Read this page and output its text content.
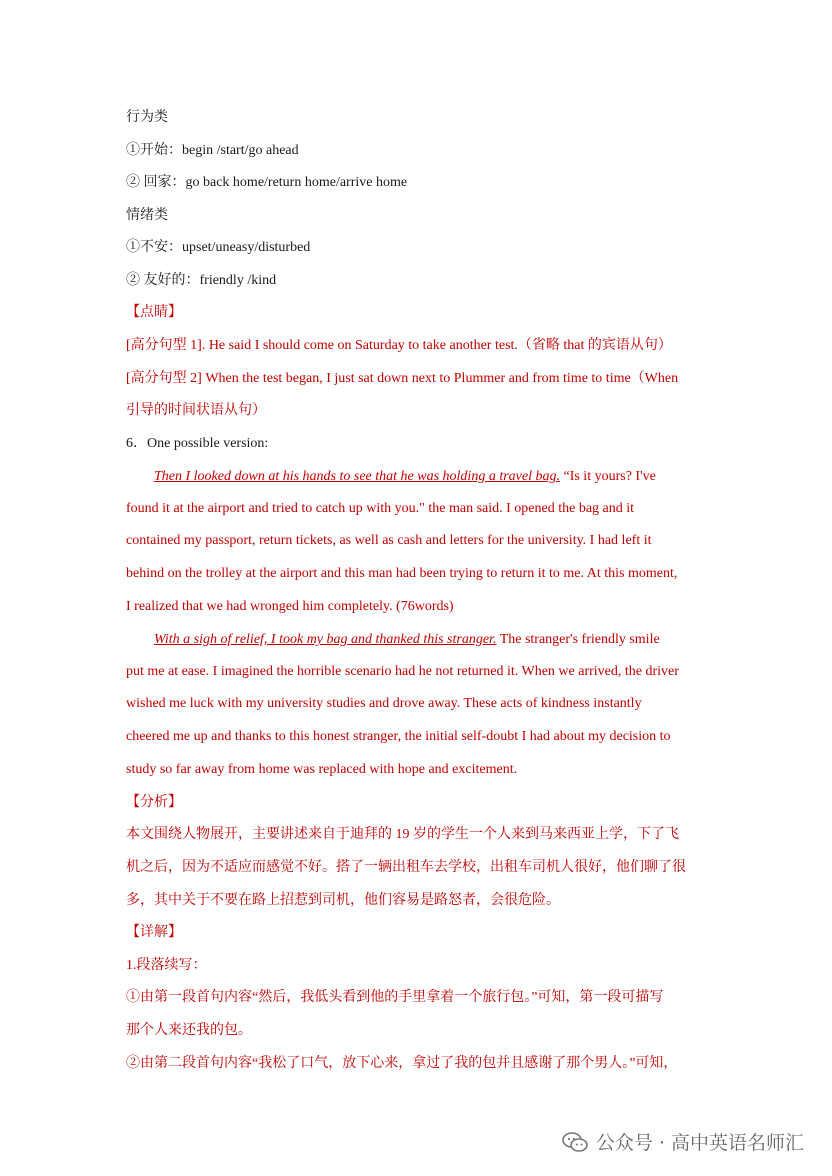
行为类
①开始：begin /start/go ahead
② 回家：go back home/return home/arrive home
情绪类
①不安：upset/uneasy/disturbed
② 友好的：friendly /kind
【点睛】
[高分句型 1]. He said I should come on Saturday to take another test.（省略 that 的宾语从句）
[高分句型 2] When the test began, I just sat down next to Plummer and from time to time（When
引导的时间状语从句）
6．One possible version:
contained my passport, return tickets, as well as cash and letters for the university. I had left it
behind on the trolley at the airport and this man had been trying to return it to me. At this moment,
I realized that we had wronged him completely. (76words)
put me at ease. I imagined the horrible scenario had he not returned it. When we arrived, the driver
wished me luck with my university studies and drove away. These acts of kindness instantly
cheered me up and thanks to this honest stranger, the initial self-doubt I had about my decision to
study so far away from home was replaced with hope and excitement.
【分析】
本文围绕人物展开，主要讲述来自于迪拜的 19 岁的学生一个人来到马来西亚上学，下了飞
机之后，因为不适应而感觉不好。搭了一辆出租车去学校，出租车司机人很好，他们聊了很
多，其中关于不要在路上招惹到司机，他们容易是路怒者，会很危险。
【详解】
1.段落续写：
①由第一段首句内容“然后，我低头看到他的手里拿着一个旅行包。”可知，第一段可描写
那个人来还我的包。
②由第二段首句内容“我松了口气，放下心来，拿过了我的包并且感谢了那个男人。”可知，
Then I looked down at his hands to see that he was holding a travel bag. “Is it yours? I've
found it at the airport and tried to catch up with you." the man said. I opened the bag and it
With a sigh of relief, I took my bag and thanked this stranger. The stranger's friendly smile
公众号 · 高中英语名师汇
